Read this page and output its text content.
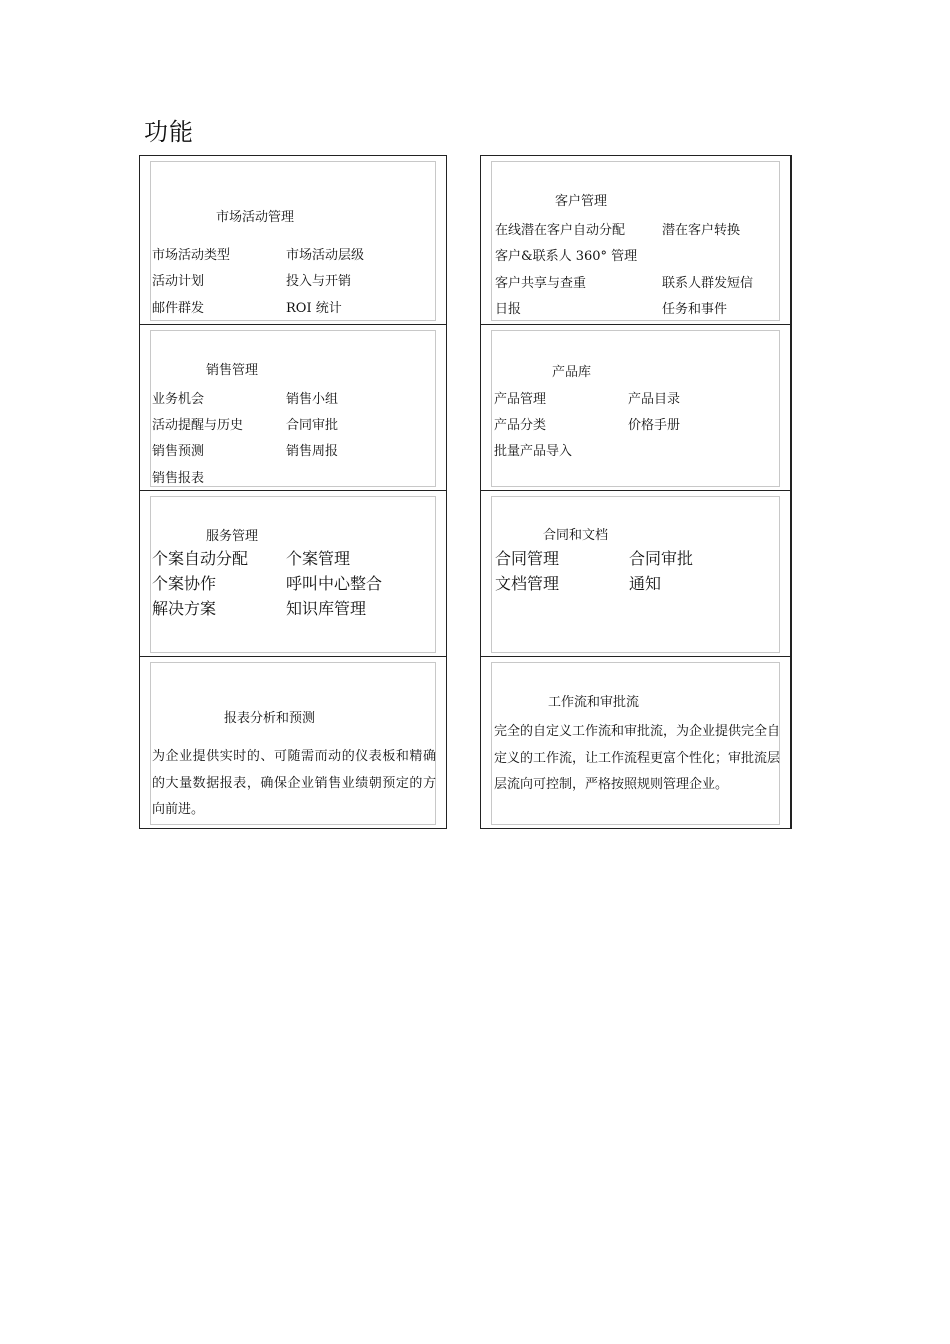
功能
市场活动管理
市场活动类型	市场活动层级
活动计划	投入与开销
邮件群发	ROI 统计
销售管理
业务机会	销售小组
活动提醒与历史	合同审批
销售预测	销售周报
销售报表
服务管理
个案自动分配 个案管理
个案协作	呼叫中心整合
解决方案	知识库管理
报表分析和预测
为企业提供实时的、可随需而动的仪表板和精确的大量数据报表，确保企业销售业绩朝预定的方向前进。
客户管理
在线潜在客户自动分配	潜在客户转换
客户&联系人 360° 管理
客户共享与查重	联系人群发短信
日报	任务和事件
产品库
产品管理	产品目录
产品分类	价格手册
批量产品导入
合同和文档
合同管理	合同审批
文档管理	通知
工作流和审批流
完全的自定义工作流和审批流，为企业提供完全自定义的工作流，让工作流程更富个性化；审批流层层流向可控制，严格按照规则管理企业。
